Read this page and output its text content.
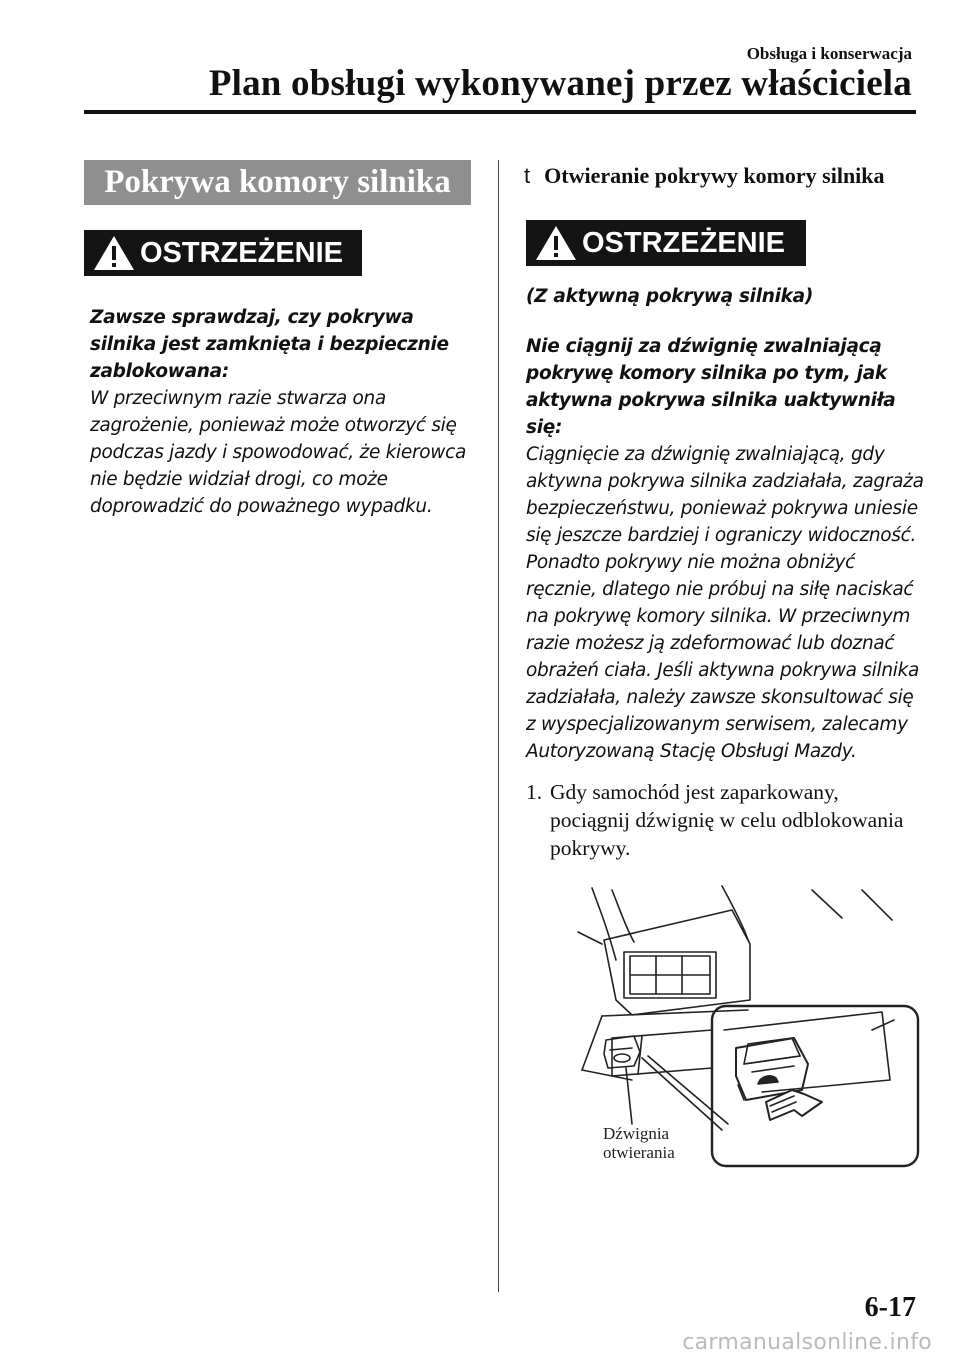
Obsługa i konserwacja
Plan obsługi wykonywanej przez właściciela
Pokrywa komory silnika
OSTRZEŻENIE
Zawsze sprawdzaj, czy pokrywa silnika jest zamknięta i bezpiecznie zablokowana:
W przeciwnym razie stwarza ona zagrożenie, ponieważ może otworzyć się podczas jazdy i spowodować, że kierowca nie będzie widział drogi, co może doprowadzić do poważnego wypadku.
t Otwieranie pokrywy komory silnika
OSTRZEŻENIE
(Z aktywną pokrywą silnika)
Nie ciągnij za dźwignię zwalniającą pokrywę komory silnika po tym, jak aktywna pokrywa silnika uaktywniła się:
Ciągnięcie za dźwignię zwalniającą, gdy aktywna pokrywa silnika zadziałała, zagraża bezpieczeństwu, ponieważ pokrywa uniesie się jeszcze bardziej i ograniczy widoczność. Ponadto pokrywy nie można obniżyć ręcznie, dlatego nie próbuj na siłę naciskać na pokrywę komory silnika. W przeciwnym razie możesz ją zdeformować lub doznać obrażeń ciała. Jeśli aktywna pokrywa silnika zadziałała, należy zawsze skonsultować się z wyspecjalizowanym serwisem, zalecamy Autoryzowaną Stację Obsługi Mazdy.
1. Gdy samochód jest zaparkowany, pociągnij dźwignię w celu odblokowania pokrywy.
Dźwignia
otwierania
6-17
carmanualsonline.info
